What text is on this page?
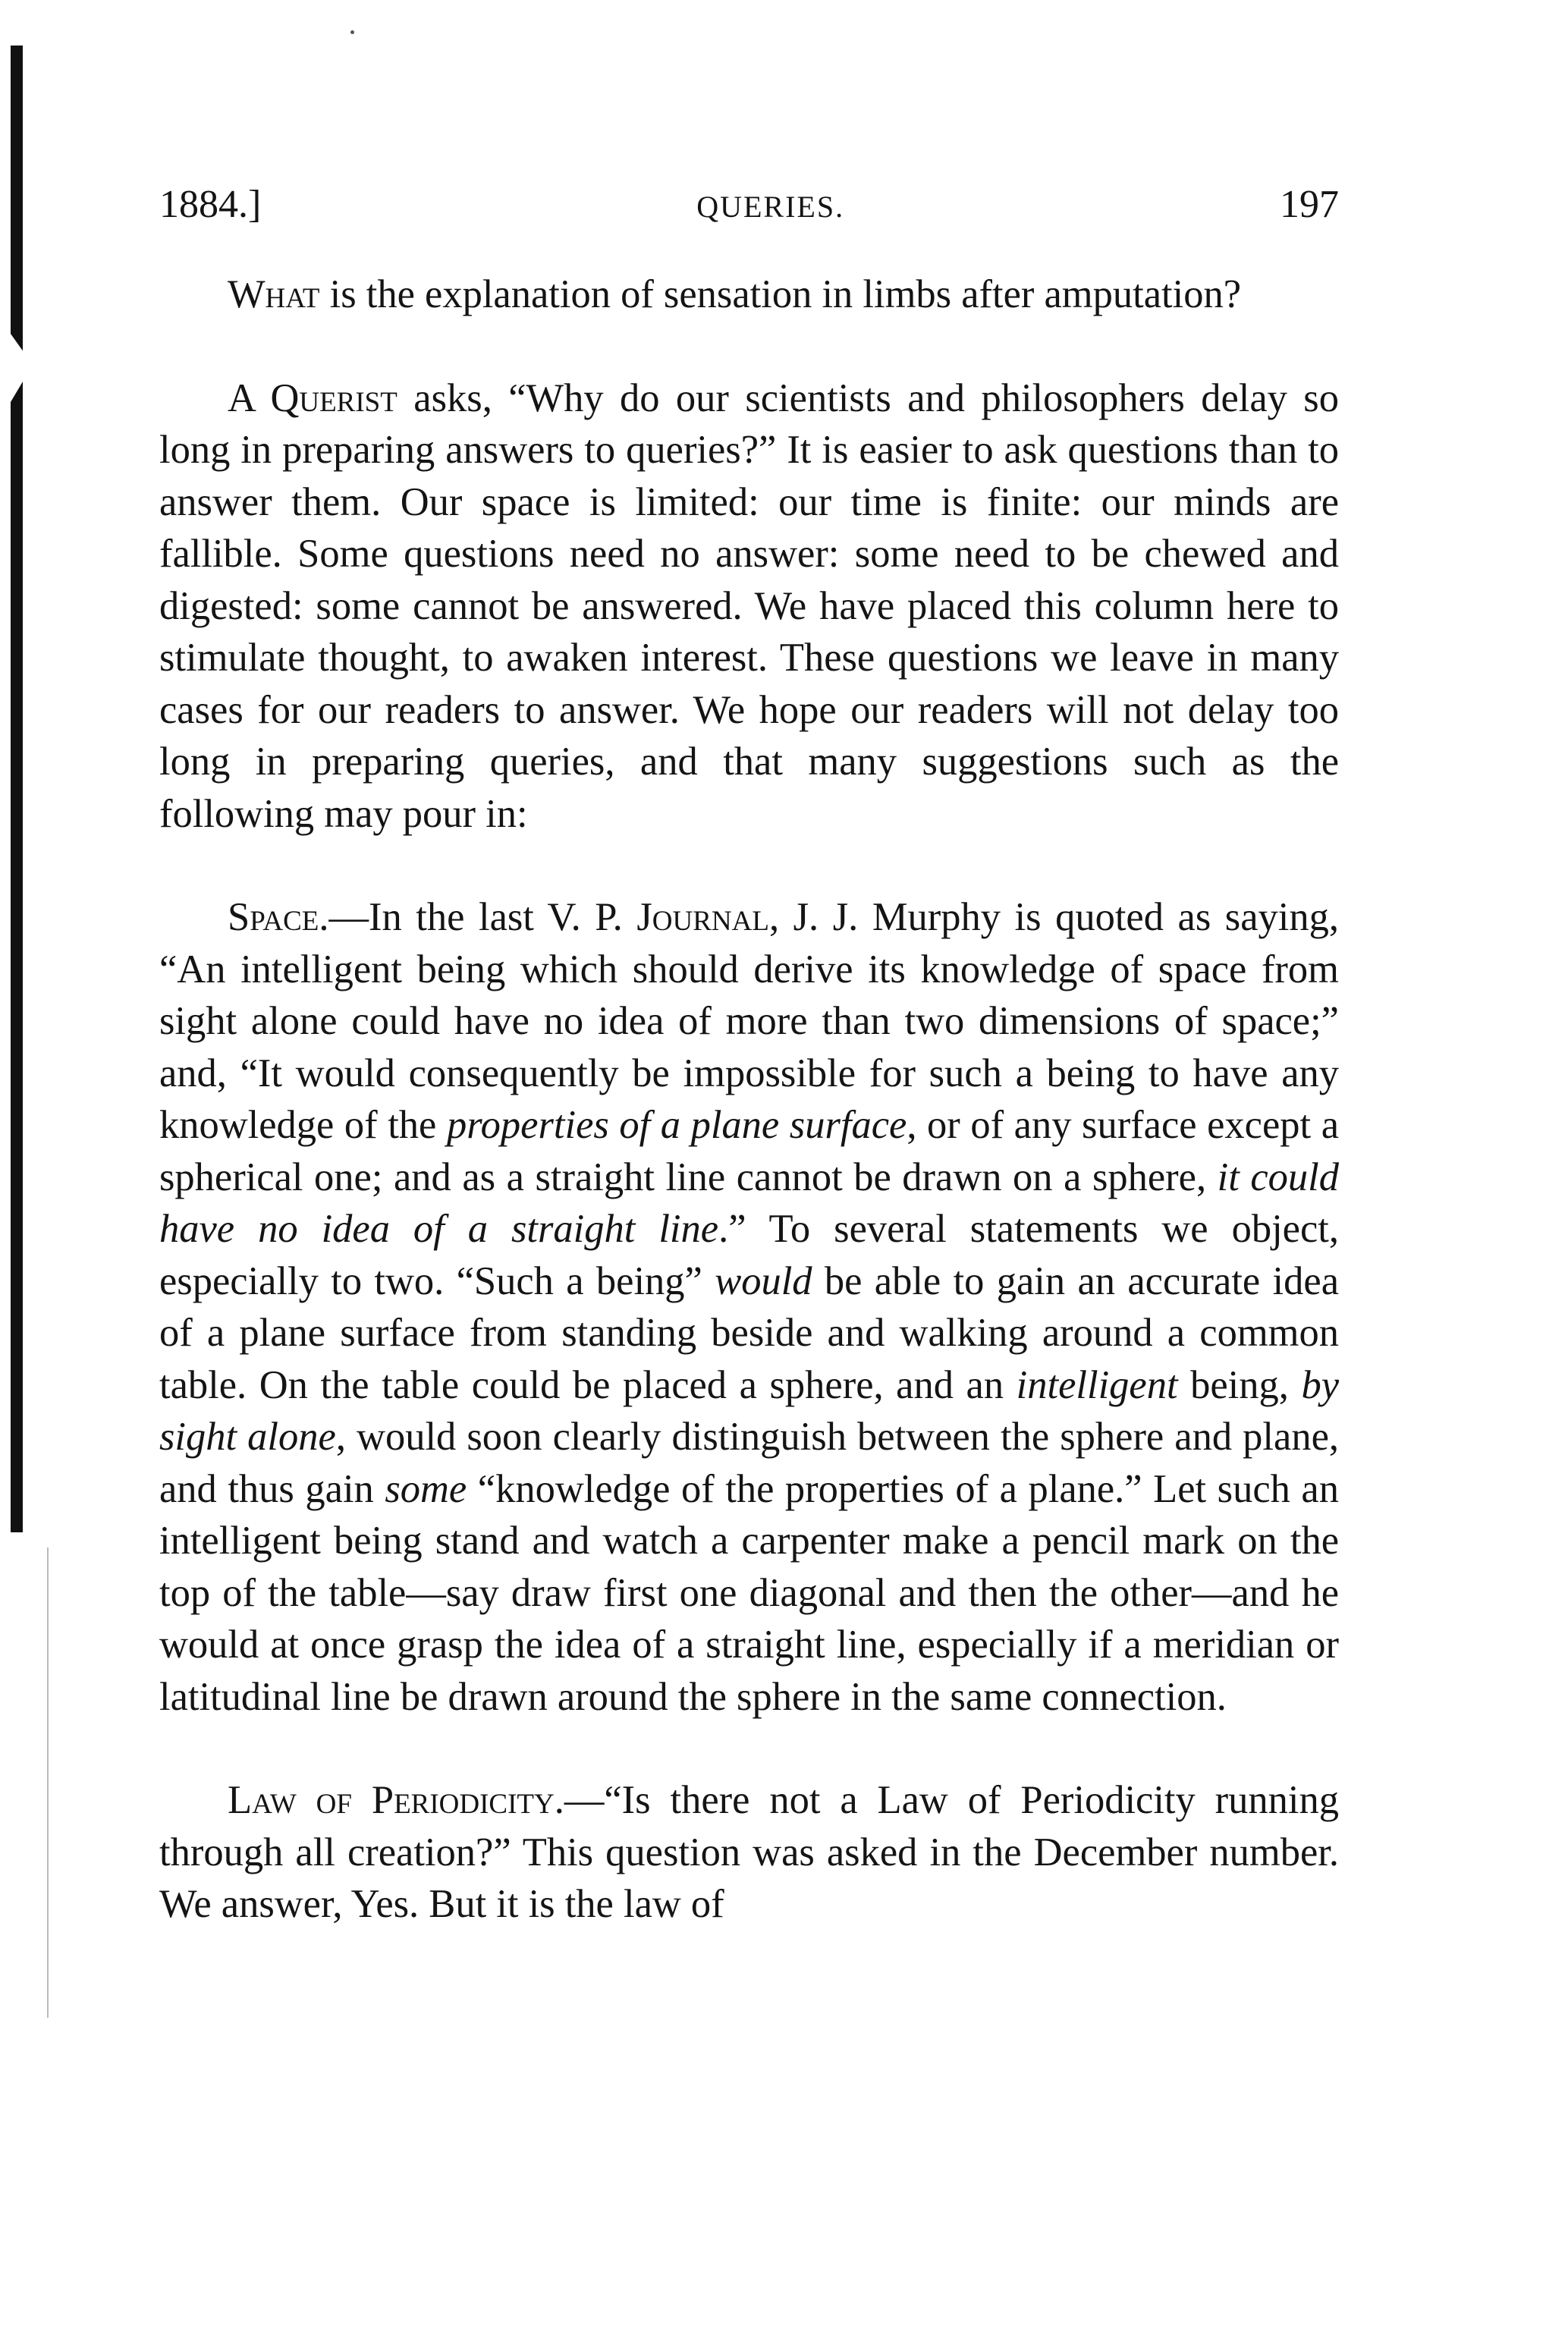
1884.]	QUERIES.	197

What is the explanation of sensation in limbs after amputation?

A Querist asks, “Why do our scientists and philosophers delay so long in preparing answers to queries?” It is easier to ask questions than to answer them. Our space is limited: our time is finite: our minds are fallible. Some questions need no answer: some need to be chewed and digested: some cannot be answered. We have placed this column here to stimulate thought, to awaken interest. These questions we leave in many cases for our readers to answer. We hope our readers will not delay too long in preparing queries, and that many suggestions such as the following may pour in:

Space.—In the last V. P. Journal, J. J. Murphy is quoted as saying, “An intelligent being which should derive its knowledge of space from sight alone could have no idea of more than two dimensions of space;” and, “It would consequently be impossible for such a being to have any knowledge of the properties of a plane surface, or of any surface except a spherical one; and as a straight line cannot be drawn on a sphere, it could have no idea of a straight line.” To several statements we object, especially to two. “Such a being” would be able to gain an accurate idea of a plane surface from standing beside and walking around a common table. On the table could be placed a sphere, and an intelligent being, by sight alone, would soon clearly distinguish between the sphere and plane, and thus gain some “knowledge of the properties of a plane.” Let such an intelligent being stand and watch a carpenter make a pencil mark on the top of the table—say draw first one diagonal and then the other—and he would at once grasp the idea of a straight line, especially if a meridian or latitudinal line be drawn around the sphere in the same connection.

Law of Periodicity.—“Is there not a Law of Periodicity running through all creation?” This question was asked in the December number. We answer, Yes. But it is the law of
